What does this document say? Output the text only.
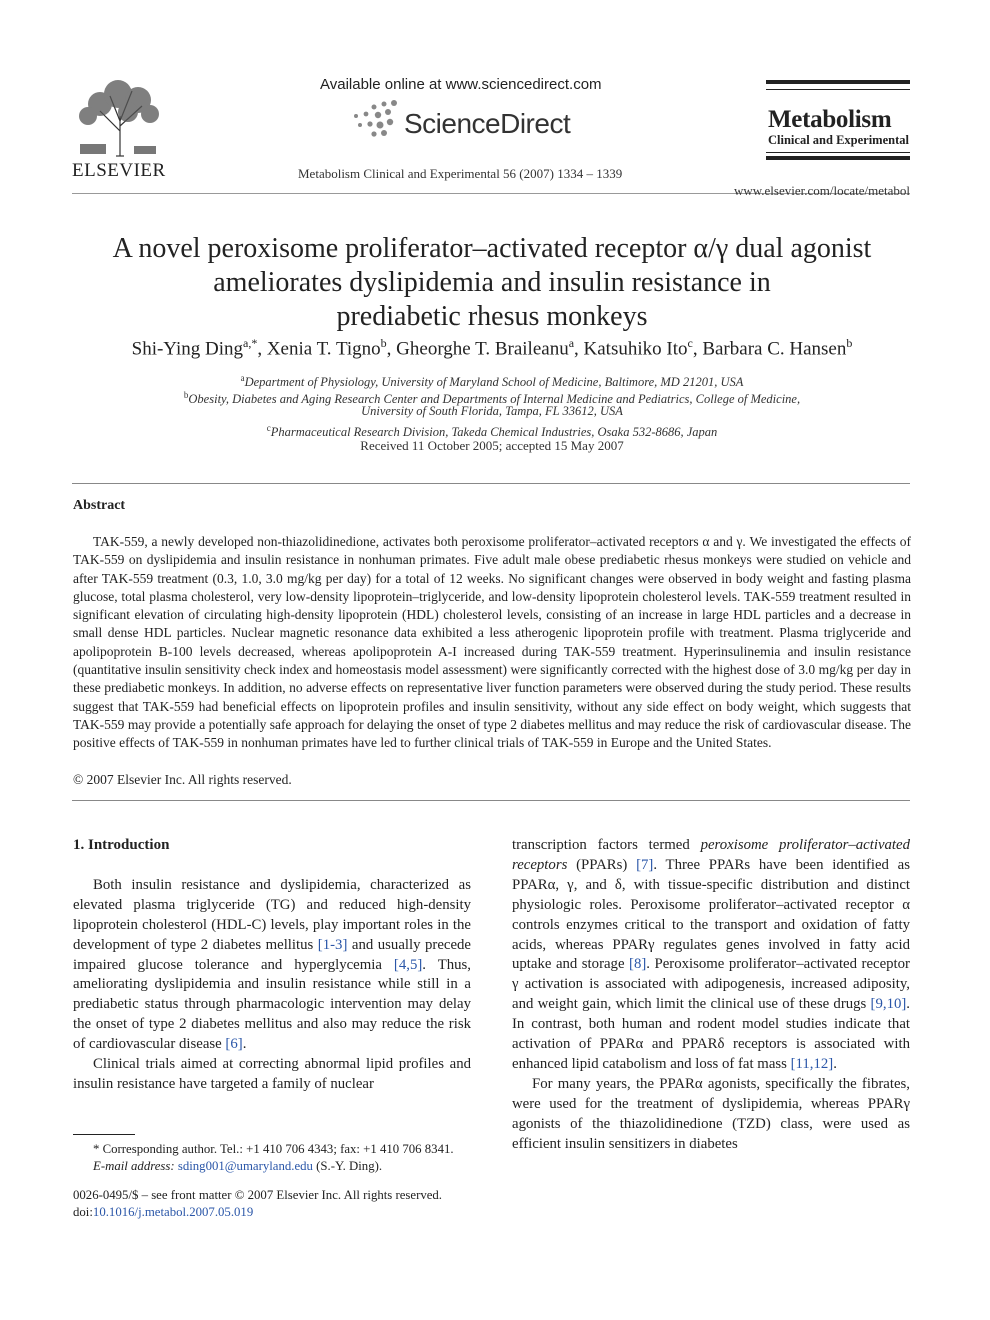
ELSEVIER
Available online at www.sciencedirect.com
ScienceDirect
Metabolism Clinical and Experimental 56 (2007) 1334 – 1339
Metabolism
Clinical and Experimental
www.elsevier.com/locate/metabol
A novel peroxisome proliferator–activated receptor α/γ dual agonist
ameliorates dyslipidemia and insulin resistance in
prediabetic rhesus monkeys
Shi-Ying Ding$^{a,*}$, Xenia T. Tigno$^b$, Gheorghe T. Braileanu$^a$, Katsuhiko Ito$^c$, Barbara C. Hansen$^b$
$^a$Department of Physiology, University of Maryland School of Medicine, Baltimore, MD 21201, USA
$^b$Obesity, Diabetes and Aging Research Center and Departments of Internal Medicine and Pediatrics, College of Medicine,
University of South Florida, Tampa, FL 33612, USA
$^c$Pharmaceutical Research Division, Takeda Chemical Industries, Osaka 532-8686, Japan
Received 11 October 2005; accepted 15 May 2007
Abstract
TAK-559, a newly developed non-thiazolidinedione, activates both peroxisome proliferator–activated receptors α and γ. We investigated the effects of TAK-559 on dyslipidemia and insulin resistance in nonhuman primates. Five adult male obese prediabetic rhesus monkeys were studied on vehicle and after TAK-559 treatment (0.3, 1.0, 3.0 mg/kg per day) for a total of 12 weeks. No significant changes were observed in body weight and fasting plasma glucose, total plasma cholesterol, very low-density lipoprotein–triglyceride, and low-density lipoprotein cholesterol levels. TAK-559 treatment resulted in significant elevation of circulating high-density lipoprotein (HDL) cholesterol levels, consisting of an increase in large HDL particles and a decrease in small dense HDL particles. Nuclear magnetic resonance data exhibited a less atherogenic lipoprotein profile with treatment. Plasma triglyceride and apolipoprotein B-100 levels decreased, whereas apolipoprotein A-I increased during TAK-559 treatment. Hyperinsulinemia and insulin resistance (quantitative insulin sensitivity check index and homeostasis model assessment) were significantly corrected with the highest dose of 3.0 mg/kg per day in these prediabetic monkeys. In addition, no adverse effects on representative liver function parameters were observed during the study period. These results suggest that TAK-559 had beneficial effects on lipoprotein profiles and insulin sensitivity, without any side effect on body weight, which suggests that TAK-559 may provide a potentially safe approach for delaying the onset of type 2 diabetes mellitus and may reduce the risk of cardiovascular disease. The positive effects of TAK-559 in nonhuman primates have led to further clinical trials of TAK-559 in Europe and the United States.
© 2007 Elsevier Inc. All rights reserved.

1. Introduction

Both insulin resistance and dyslipidemia, characterized as elevated plasma triglyceride (TG) and reduced high-density lipoprotein cholesterol (HDL-C) levels, play important roles in the development of type 2 diabetes mellitus [1-3] and usually precede impaired glucose tolerance and hyperglycemia [4,5]. Thus, ameliorating dyslipidemia and insulin resistance while still in a prediabetic status through pharmacologic intervention may delay the onset of type 2 diabetes mellitus and also may reduce the risk of cardiovascular disease [6].

Clinical trials aimed at correcting abnormal lipid profiles and insulin resistance have targeted a family of nuclear

transcription factors termed peroxisome proliferator–activated receptors (PPARs) [7]. Three PPARs have been identified as PPARα, γ, and δ, with tissue-specific distribution and distinct physiologic roles. Peroxisome proliferator–activated receptor α controls enzymes critical to the transport and oxidation of fatty acids, whereas PPARγ regulates genes involved in fatty acid uptake and storage [8]. Peroxisome proliferator–activated receptor γ activation is associated with adipogenesis, increased adiposity, and weight gain, which limit the clinical use of these drugs [9,10]. In contrast, both human and rodent model studies indicate that activation of PPARα and PPARδ receptors is associated with enhanced lipid catabolism and loss of fat mass [11,12].

For many years, the PPARα agonists, specifically the fibrates, were used for the treatment of dyslipidemia, whereas PPARγ agonists of the thiazolidinedione (TZD) class, were used as efficient insulin sensitizers in diabetes

* Corresponding author. Tel.: +1 410 706 4343; fax: +1 410 706 8341.
E-mail address: sding001@umaryland.edu (S.-Y. Ding).
0026-0495/$ – see front matter © 2007 Elsevier Inc. All rights reserved.
doi:10.1016/j.metabol.2007.05.019
